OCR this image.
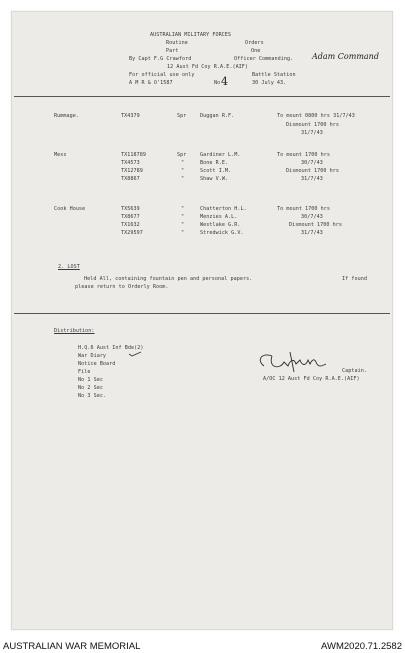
AUSTRALIAN MILITARY FORCES
Routine	Orders
Part	One
By Capt F.G Crawford	Officer Commanding. Adam Command
12 Aust Fd Coy R.A.E.(AIF)
For official use only	Battle Station
A M R & O'1587	No 4	30 July 43.
Rummage.	TX4379	Spr	Duggan R.F.	To mount 0800 hrs 31/7/43
Dismount 1700 hrs
31/7/43
Mess	TX118789	Spr	Gardiner L.M.	To mount 1700 hrs
TX4573	"	Bone R.E.	30/7/43
TX12789	"	Scott I.M.	Dismount 1700 hrs
TX8867	"	Shaw V.W.	31/7/43
Cook House	TX5639	"	Chatterton H.L.	To mount 1700 hrs
TX8677	"	Menzies A.L.	30/7/43
TX1632	"	Westlake G.R.	Dismount 1700 hrs
TX29597	"	Stredwick G.V.	31/7/43
2. LOST
Held All, containing fountain pen and personal papers.	If found
please return to Orderly Room.
Distribution:
H.Q.6 Aust Inf Bde(2)
War Diary
Notice Board
File
No 1 Sec
No 2 Sec
No 3 Sec.
Captain.
A/OC 12 Aust Fd Coy R.A.E.(AIF)
AUSTRALIAN WAR MEMORIAL	AWM2020.71.2582
